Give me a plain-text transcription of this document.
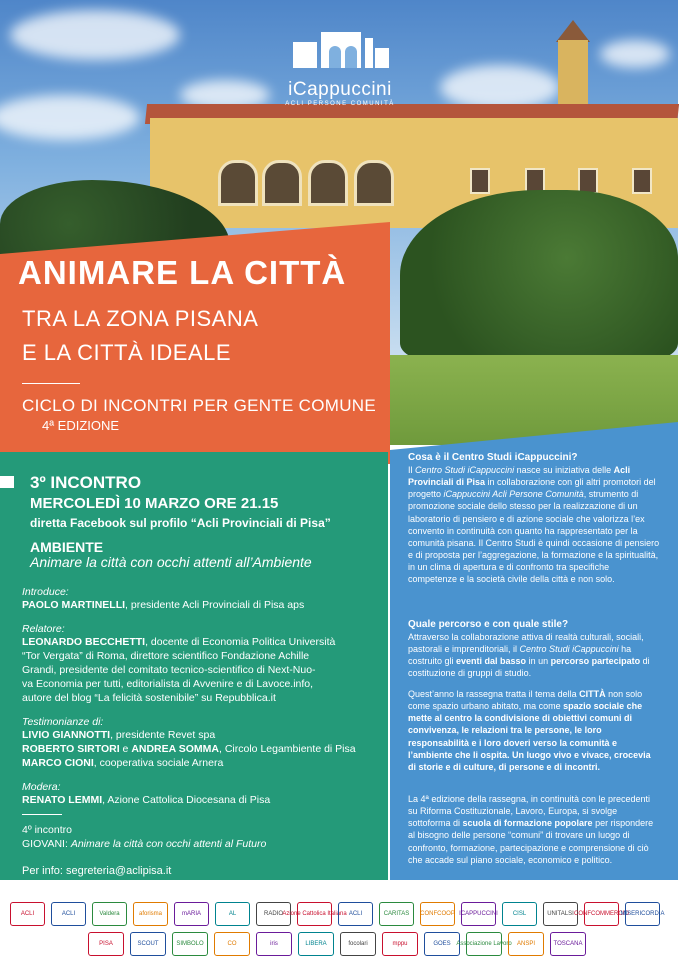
iCappuccini
ACLI PERSONE COMUNITÀ
ANIMARE LA CITTÀ
TRA LA ZONA PISANA
E LA CITTÀ IDEALE
CICLO DI INCONTRI PER GENTE COMUNE
4ª EDIZIONE
3º INCONTRO
MERCOLEDÌ 10 MARZO ORE 21.15
diretta Facebook sul profilo “Acli Provinciali di Pisa”
AMBIENTE
Animare la città con occhi attenti all’Ambiente
Introduce:
PAOLO MARTINELLI, presidente Acli Provinciali di Pisa aps
Relatore:
LEONARDO BECCHETTI, docente di Economia Politica Università
“Tor Vergata” di Roma, direttore scientifico Fondazione Achille
Grandi, presidente del comitato tecnico-scientifico di Next-Nuo-
va Economia per tutti, editorialista di Avvenire e di Lavoce.info,
autore del blog “La felicità sostenibile” su Repubblica.it
Testimonianze di:
LIVIO GIANNOTTI, presidente Revet spa
ROBERTO SIRTORI e ANDREA SOMMA, Circolo Legambiente di Pisa
MARCO CIONI, cooperativa sociale Arnera
Modera:
RENATO LEMMI, Azione Cattolica Diocesana di Pisa
4º incontro
GIOVANI: Animare la città con occhi attenti al Futuro
Per info: segreteria@aclipisa.it
Cosa è il Centro Studi iCappuccini?
Il Centro Studi iCappuccini nasce su iniziativa delle Acli Provinciali di Pisa in collaborazione con gli altri promotori del progetto iCappuccini Acli Persone Comunità, strumento di promozione sociale dello stesso per la realizzazione di un laboratorio di pensiero e di azione sociale che valorizza l’ex convento in continuità con quanto ha rappresentato per la comunità pisana. Il Centro Studi è quindi occasione di pensiero e di proposta per l’aggregazione, la formazione e la spiritualità, in un clima di apertura e di confronto tra specifiche competenze e la società civile della città e non solo.
Quale percorso e con quale stile?
Attraverso la collaborazione attiva di realtà culturali, sociali, pastorali e imprenditoriali, il Centro Studi iCappuccini ha costruito gli eventi dal basso in un percorso partecipato di costituzione di gruppi di studio.
Quest’anno la rassegna tratta il tema della CITTÀ non solo come spazio urbano abitato, ma come spazio sociale che mette al centro la condivisione di obiettivi comuni di convivenza, le relazioni tra le persone, le loro responsabilità e i loro doveri verso la comunità e l’ambiente che li ospita. Un luogo vivo e vivace, crocevia di storie e di culture, di persone e di incontri.
La 4ª edizione della rassegna, in continuità con le precedenti su Riforma Costituzionale, Lavoro, Europa, si svolge sottoforma di scuola di formazione popolare per rispondere al bisogno delle persone “comuni” di trovare un luogo di confronto, formazione, partecipazione e comprensione di ciò che accade sul piano sociale, economico e politico.
ACLI	ACLI	Valdera	aforisma	mARIA	AL	RADIO Azione Cattolica Italiana ACLI	CARITAS	CONFCOOP ICAPPUCCINI	CISL	UNITALSI CONFCOMMERCIO
MISERICORDIA
PISA	SCOUT	SIMBOLO	CO	iris	LIBERA	focolari	mppu	GOES Associazione Lavoro ANSPI	TOSCANA
